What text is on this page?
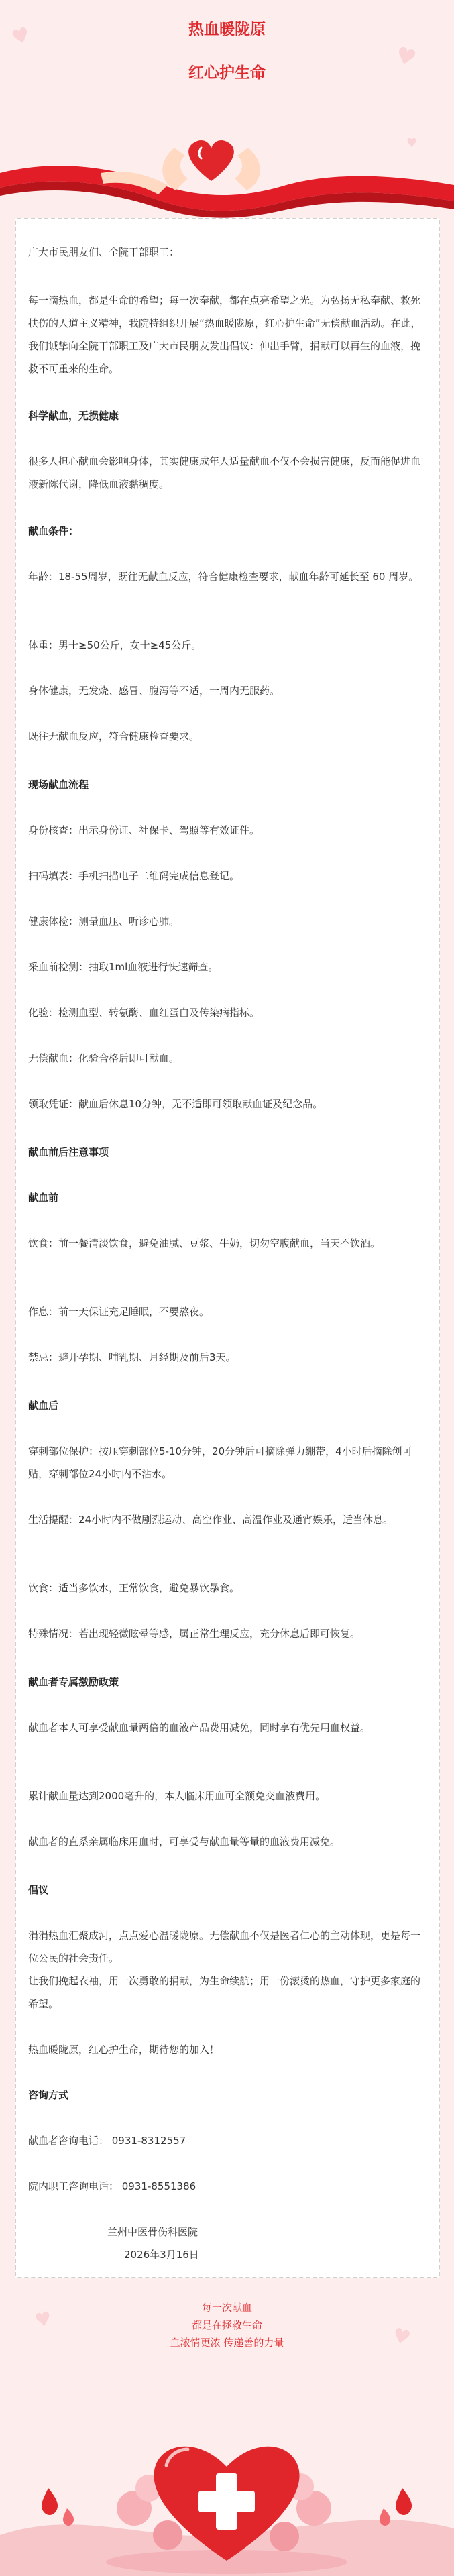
♥
♥
♥
♥
♥
热血暖陇原
红心护生命
广大市民朋友们、全院干部职工：
每一滴热血，都是生命的希望；每一次奉献，都在点亮希望之光。为弘扬无私奉献、救死扶伤的人道主义精神，我院特组织开展“热血暖陇原，红心护生命”无偿献血活动。在此，我们诚挚向全院干部职工及广大市民朋友发出倡议：伸出手臂，捐献可以再生的血液，挽救不可重来的生命。
科学献血，无损健康
很多人担心献血会影响身体，其实健康成年人适量献血不仅不会损害健康，反而能促进血液新陈代谢，降低血液黏稠度。
献血条件：
年龄：18-55周岁，既往无献血反应，符合健康检查要求，献血年龄可延长至 60 周岁。
体重：男士≥50公斤，女士≥45公斤。
身体健康，无发烧、感冒、腹泻等不适，一周内无服药。
既往无献血反应，符合健康检查要求。
现场献血流程
身份核查：出示身份证、社保卡、驾照等有效证件。
扫码填表：手机扫描电子二维码完成信息登记。
健康体检：测量血压、听诊心肺。
采血前检测：抽取1ml血液进行快速筛查。
化验：检测血型、转氨酶、血红蛋白及传染病指标。
无偿献血：化验合格后即可献血。
领取凭证：献血后休息10分钟，无不适即可领取献血证及纪念品。
献血前后注意事项
献血前
饮食：前一餐清淡饮食，避免油腻、豆浆、牛奶，切勿空腹献血，当天不饮酒。
作息：前一天保证充足睡眠，不要熬夜。
禁忌：避开孕期、哺乳期、月经期及前后3天。
献血后
穿刺部位保护：按压穿刺部位5-10分钟，20分钟后可摘除弹力绷带，4小时后摘除创可贴，穿刺部位24小时内不沾水。
生活提醒：24小时内不做剧烈运动、高空作业、高温作业及通宵娱乐，适当休息。
饮食：适当多饮水，正常饮食，避免暴饮暴食。
特殊情况：若出现轻微眩晕等感，属正常生理反应，充分休息后即可恢复。
献血者专属激励政策
献血者本人可享受献血量两倍的血液产品费用减免，同时享有优先用血权益。
累计献血量达到2000毫升的，本人临床用血可全额免交血液费用。
献血者的直系亲属临床用血时，可享受与献血量等量的血液费用减免。
倡议
涓涓热血汇聚成河，点点爱心温暖陇原。无偿献血不仅是医者仁心的主动体现，更是每一位公民的社会责任。
让我们挽起衣袖，用一次勇敢的捐献，为生命续航；用一份滚烫的热血，守护更多家庭的希望。
热血暖陇原，红心护生命，期待您的加入！
咨询方式
献血者咨询电话： 0931-8312557
院内职工咨询电话： 0931-8551386
兰州中医骨伤科医院
2026年3月16日
每一次献血
都是在拯救生命
血浓情更浓 传递善的力量
